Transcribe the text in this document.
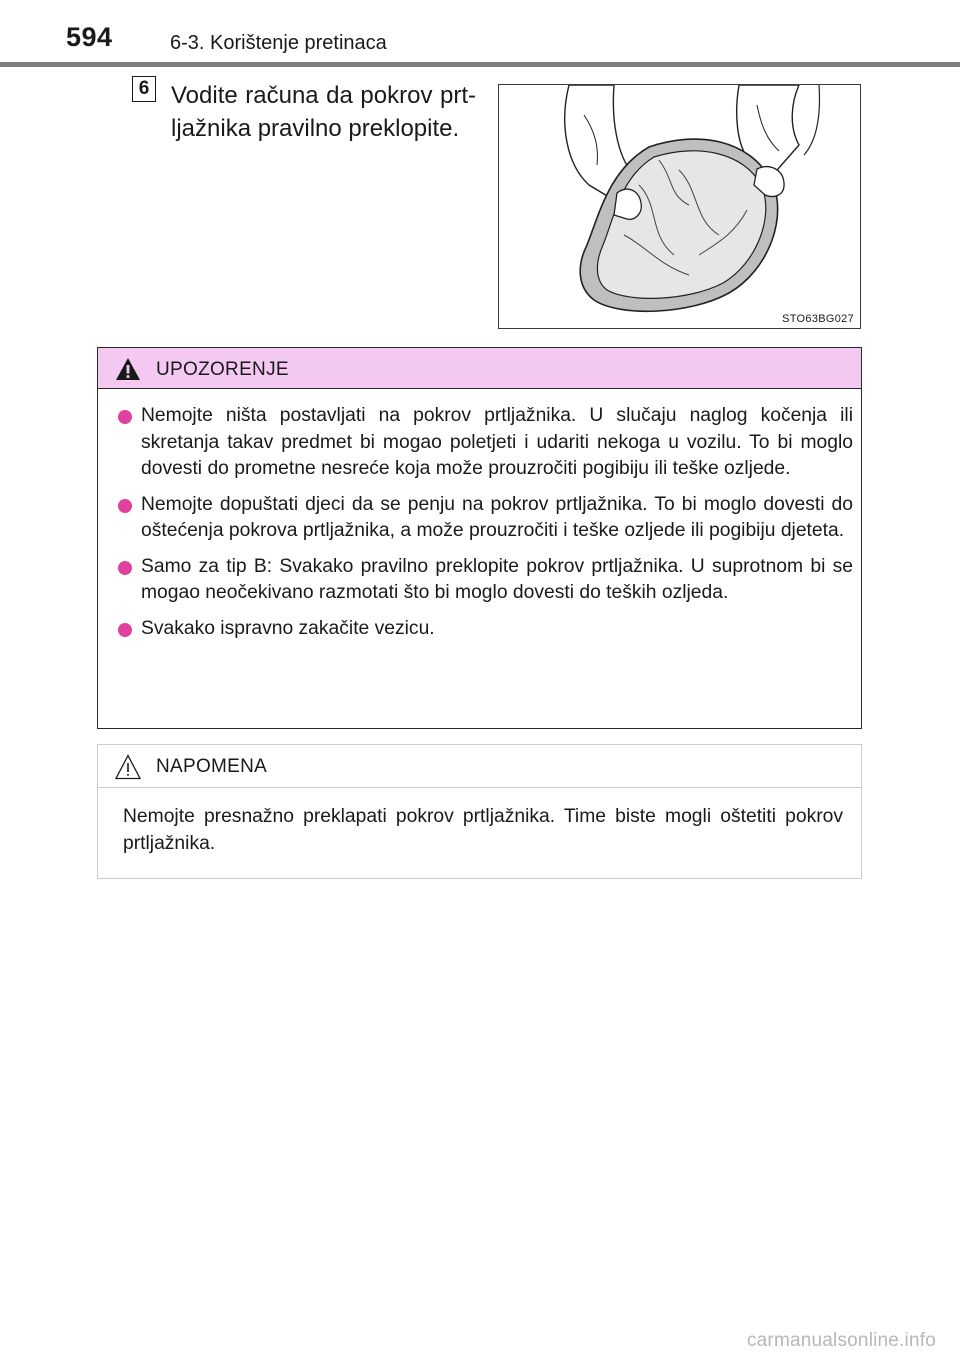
594	6-3. Korištenje pretinaca
6 Vodite računa da pokrov prtljažnika pravilno preklopite.
STO63BG027
UPOZORENJE
Nemojte ništa postavljati na pokrov prtljažnika. U slučaju naglog kočenja ili skretanja takav predmet bi mogao poletjeti i udariti nekoga u vozilu. To bi moglo dovesti do prometne nesreće koja može prouzročiti pogibiju ili teške ozljede.
Nemojte dopuštati djeci da se penju na pokrov prtljažnika. To bi moglo dovesti do oštećenja pokrova prtljažnika, a može prouzročiti i teške ozljede ili pogibiju djeteta.
Samo za tip B: Svakako pravilno preklopite pokrov prtljažnika. U suprotnom bi se mogao neočekivano razmotati što bi moglo dovesti do teških ozljeda.
Svakako ispravno zakačite vezicu.
NAPOMENA
Nemojte presnažno preklapati pokrov prtljažnika. Time biste mogli oštetiti pokrov prtljažnika.
carmanualsonline.info
